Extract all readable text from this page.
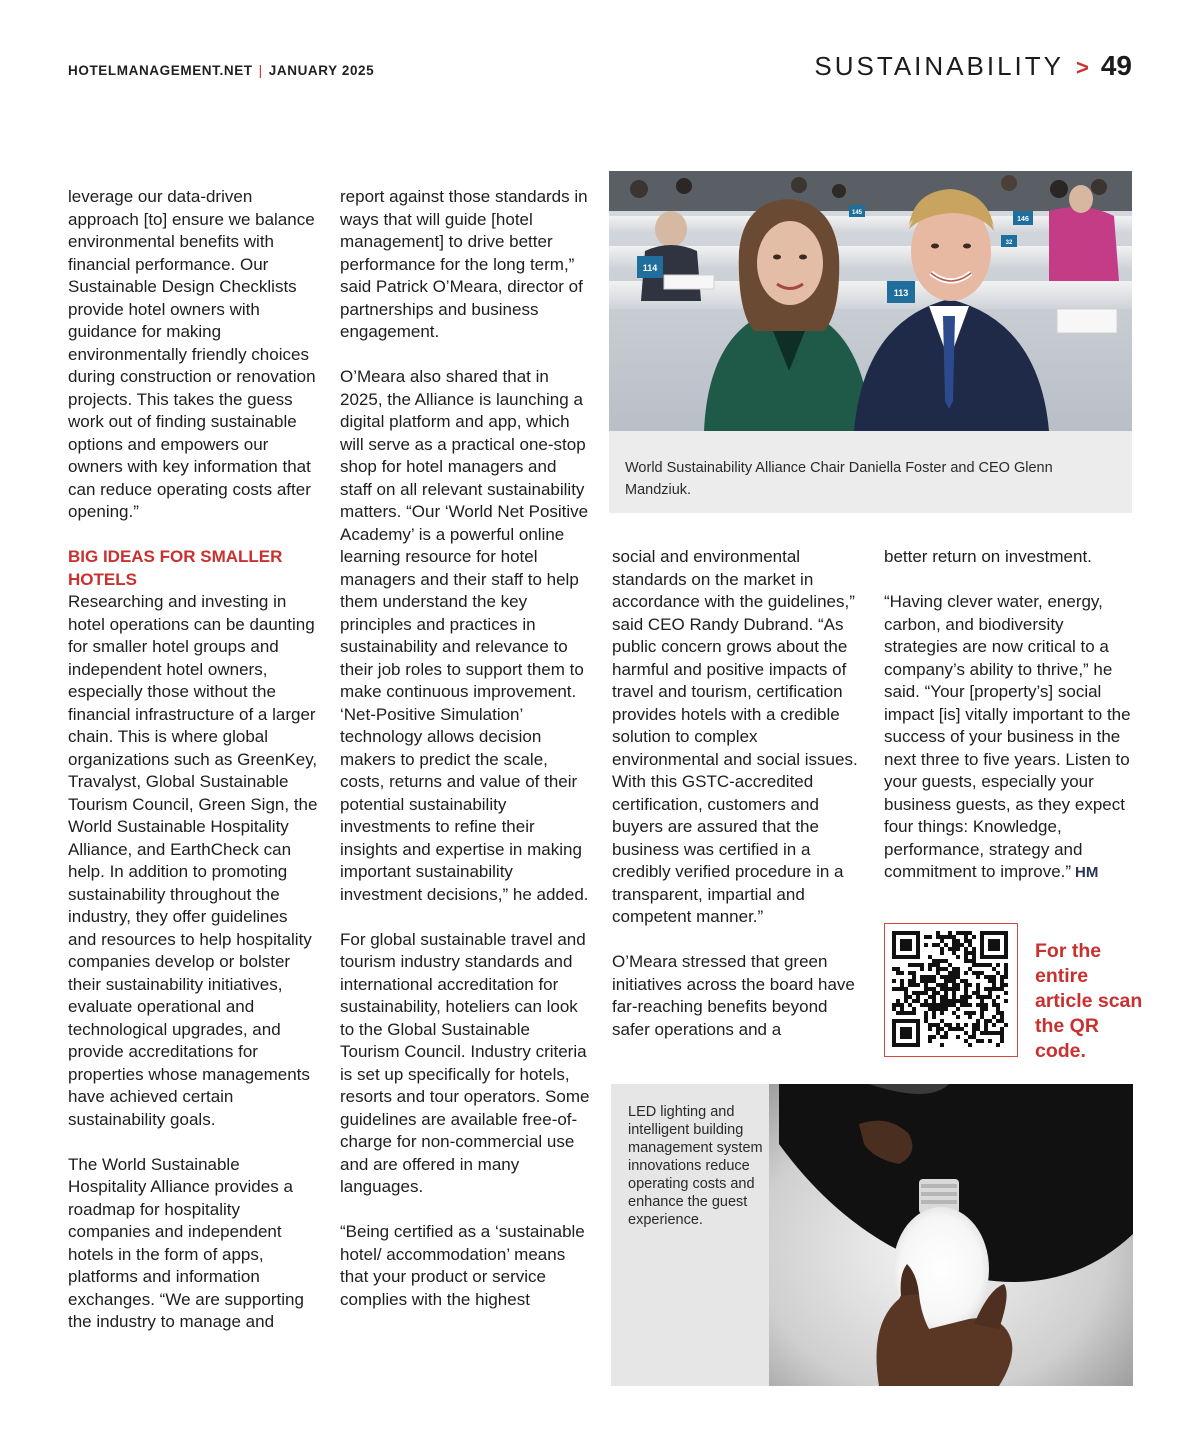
HOTELMANAGEMENT.NET | JANUARY 2025	SUSTAINABILITY > 49

leverage our data-driven approach [to] ensure we balance environmental benefits with financial performance. Our Sustainable Design Checklists provide hotel owners with guidance for making environmentally friendly choices during construction or renovation projects. This takes the guess work out of finding sustainable options and empowers our owners with key information that can reduce operating costs after opening.”

BIG IDEAS FOR SMALLER HOTELS

Researching and investing in hotel operations can be daunting for smaller hotel groups and independent hotel owners, especially those without the financial infrastructure of a larger chain. This is where global organizations such as GreenKey, Travalyst, Global Sustainable Tourism Council, Green Sign, the World Sustainable Hospitality Alliance, and EarthCheck can help. In addition to promoting sustainability throughout the industry, they offer guidelines and resources to help hospitality companies develop or bolster their sustainability initiatives, evaluate operational and technological upgrades, and provide accreditations for properties whose managements have achieved certain sustainability goals.

The World Sustainable Hospitality Alliance provides a roadmap for hospitality companies and independent hotels in the form of apps, platforms and information exchanges. “We are supporting the industry to manage and

report against those standards in ways that will guide [hotel management] to drive better performance for the long term,” said Patrick O’Meara, director of partnerships and business engagement.

O’Meara also shared that in 2025, the Alliance is launching a digital platform and app, which will serve as a practical one-stop shop for hotel managers and staff on all relevant sustainability matters. “Our ‘World Net Positive Academy’ is a powerful online learning resource for hotel managers and their staff to help them understand the key principles and practices in sustainability and relevance to their job roles to support them to make continuous improvement. ‘Net-Positive Simulation’ technology allows decision makers to predict the scale, costs, returns and value of their potential sustainability investments to refine their insights and expertise in making important sustainability investment decisions,” he added.

For global sustainable travel and tourism industry standards and international accreditation for sustainability, hoteliers can look to the Global Sustainable Tourism Council. Industry criteria is set up specifically for hotels, resorts and tour operators. Some guidelines are available free-of-charge for non-commercial use and are offered in many languages.

“Being certified as a ‘sustainable hotel/ accommodation’ means that your product or service complies with the highest

social and environmental standards on the market in accordance with the guidelines,” said CEO Randy Dubrand. “As public concern grows about the harmful and positive impacts of travel and tourism, certification provides hotels with a credible solution to complex environmental and social issues. With this GSTC-accredited certification, customers and buyers are assured that the business was certified in a credibly verified procedure in a transparent, impartial and competent manner.”

O’Meara stressed that green initiatives across the board have far-reaching benefits beyond safer operations and a

better return on investment.

“Having clever water, energy, carbon, and biodiversity strategies are now critical to a company’s ability to thrive,” he said. “Your [property’s] social impact [is] vitally important to the success of your business in the next three to five years. Listen to your guests, especially your business guests, as they expect four things: Knowledge, performance, strategy and commitment to improve.” HM

114
113
146
145
32
World Sustainability Alliance Chair Daniella Foster and CEO Glenn Mandziuk.
For the entire article scan the QR code.
LED lighting and intelligent building management system innovations reduce operating costs and enhance the guest experience.
